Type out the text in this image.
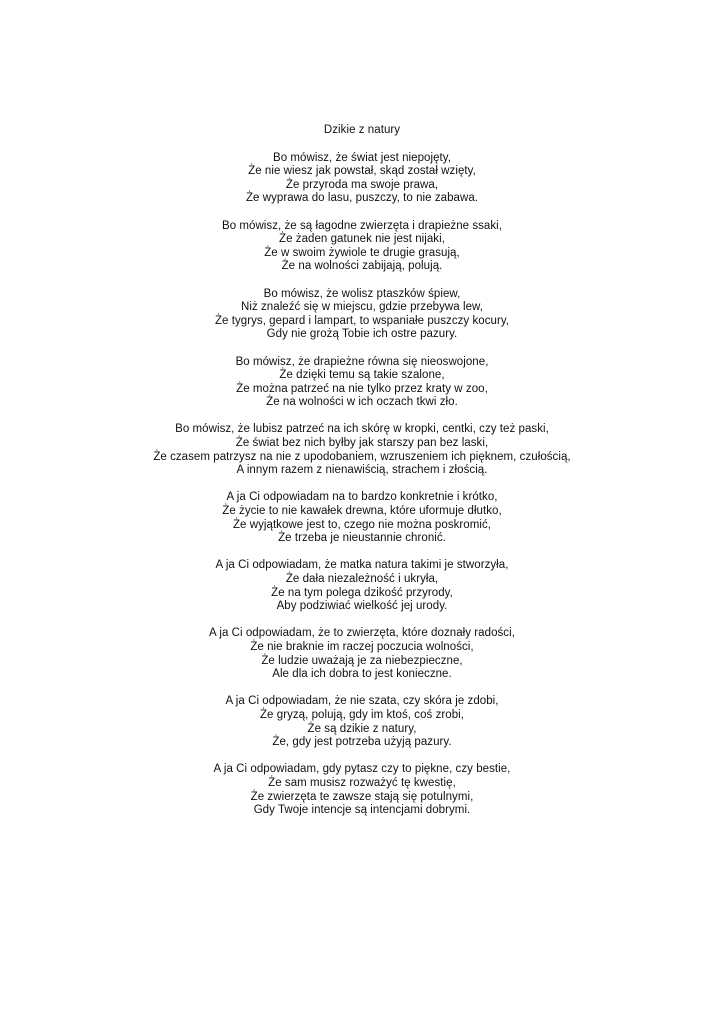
Dzikie z natury
Bo mówisz, że świat jest niepojęty,
Że nie wiesz jak powstał, skąd został wzięty,
Że przyroda ma swoje prawa,
Że wyprawa do lasu, puszczy, to nie zabawa.
Bo mówisz, że są łagodne zwierzęta i drapieżne ssaki,
Że żaden gatunek nie jest nijaki,
Że w swoim żywiole te drugie grasują,
Że na wolności zabijają, polują.
Bo mówisz, że wolisz ptaszków śpiew,
Niż znaleźć się w miejscu, gdzie przebywa lew,
Że tygrys, gepard i lampart, to wspaniałe puszczy kocury,
Gdy nie grożą Tobie ich ostre pazury.
Bo mówisz, że drapieżne równa się nieoswojone,
Że dzięki temu są takie szalone,
Że można patrzeć na nie tylko przez kraty w zoo,
Że na wolności w ich oczach tkwi zło.
Bo mówisz, że lubisz patrzeć na ich skórę w kropki, centki, czy też paski,
Że świat bez nich byłby jak starszy pan bez laski,
Że czasem patrzysz na nie z upodobaniem, wzruszeniem ich pięknem, czułością,
A innym razem z nienawiścią, strachem i złością.
A ja Ci odpowiadam na to bardzo konkretnie i krótko,
Że życie to nie kawałek drewna, które uformuje dłutko,
Że wyjątkowe jest to, czego nie można poskromić,
Że trzeba je nieustannie chronić.
A ja Ci odpowiadam, że matka natura takimi je stworzyła,
Że dała niezależność i ukryła,
Że na tym polega dzikość przyrody,
Aby podziwiać wielkość jej urody.
A ja Ci odpowiadam, że to zwierzęta, które doznały radości,
Że nie braknie im raczej poczucia wolności,
Że ludzie uważają je za niebezpieczne,
Ale dla ich dobra to jest konieczne.
A ja Ci odpowiadam, że nie szata, czy skóra je zdobi,
Że gryzą, polują, gdy im ktoś, coś zrobi,
Że są dzikie z natury,
Że, gdy jest potrzeba użyją pazury.
A ja Ci odpowiadam, gdy pytasz czy to piękne, czy bestie,
Że sam musisz rozważyć tę kwestię,
Że zwierzęta te zawsze stają się potulnymi,
Gdy Twoje intencje są intencjami dobrymi.
